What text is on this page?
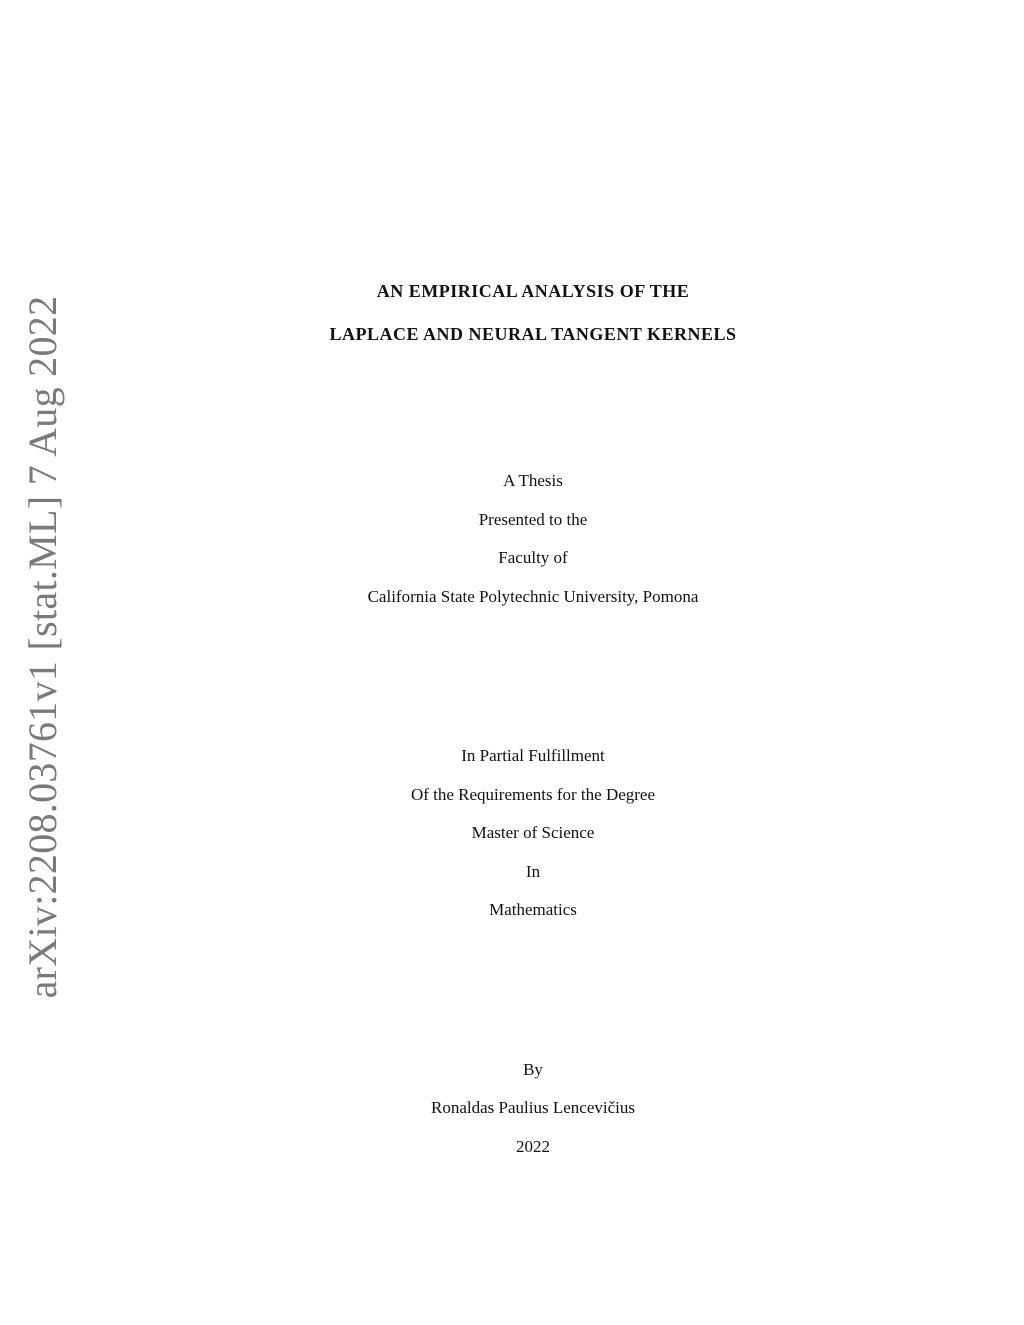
arXiv:2208.03761v1 [stat.ML] 7 Aug 2022
AN EMPIRICAL ANALYSIS OF THE
LAPLACE AND NEURAL TANGENT KERNELS
A Thesis
Presented to the
Faculty of
California State Polytechnic University, Pomona
In Partial Fulfillment
Of the Requirements for the Degree
Master of Science
In
Mathematics
By
Ronaldas Paulius Lencevičius
2022
